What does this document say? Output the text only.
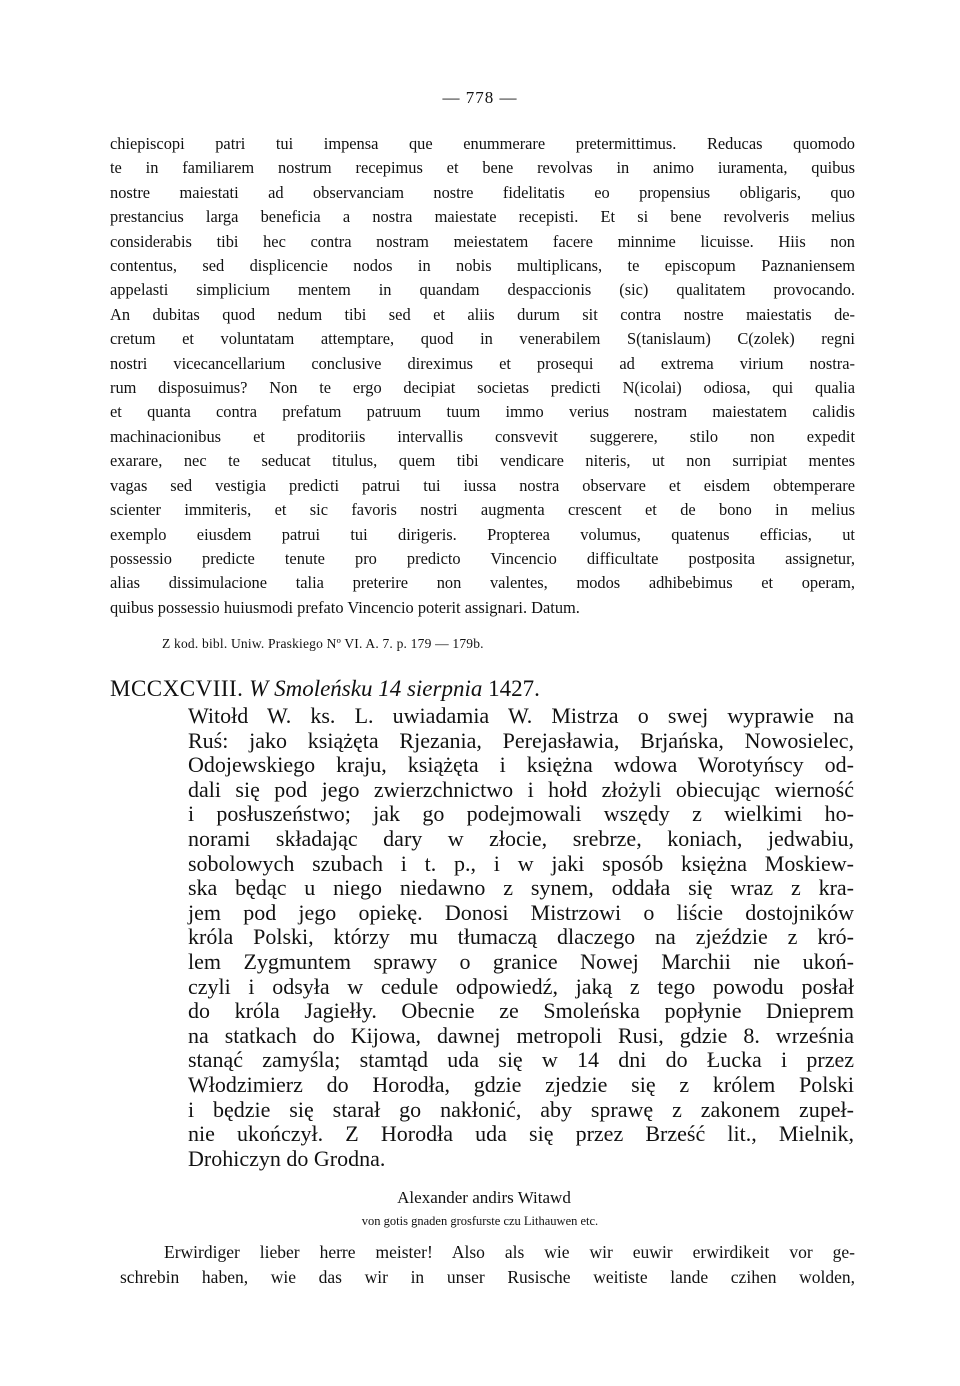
— 778 —
chiepiscopi patri tui impensa que enummerare pretermittimus. Reducas quomodo
te in familiarem nostrum recepimus et bene revolvas in animo iuramenta, quibus
nostre maiestati ad observanciam nostre fidelitatis eo propensius obligaris, quo
prestancius larga beneficia a nostra maiestate recepisti. Et si bene revolveris melius
considerabis tibi hec contra nostram meiestatem facere minnime licuisse. Hiis non
contentus, sed displicencie nodos in nobis multiplicans, te episcopum Paznaniensem
appelasti simplicium mentem in quandam despaccionis (sic) qualitatem provocando.
An dubitas quod nedum tibi sed et aliis durum sit contra nostre maiestatis de-
cretum et voluntatam attemptare, quod in venerabilem S(tanislaum) C(zolek) regni
nostri vicecancellarium conclusive direximus et prosequi ad extrema virium nostra-
rum disposuimus? Non te ergo decipiat societas predicti N(icolai) odiosa, qui qualia
et quanta contra prefatum patruum tuum immo verius nostram maiestatem calidis
machinacionibus et proditoriis intervallis consvevit suggerere, stilo non expedit
exarare, nec te seducat titulus, quem tibi vendicare niteris, ut non surripiat mentes
vagas sed vestigia predicti patrui tui iussa nostra observare et eisdem obtemperare
scienter immiteris, et sic favoris nostri augmenta crescent et de bono in melius
exemplo eiusdem patrui tui dirigeris. Propterea volumus, quatenus efficias, ut
possessio predicte tenute pro predicto Vincencio difficultate postposita assignetur,
alias dissimulacione talia preterire non valentes, modos adhibebimus et operam,
quibus possessio huiusmodi prefato Vincencio poterit assignari. Datum.
Z kod. bibl. Uniw. Praskiego Nº VI. A. 7. p. 179 — 179b.
MCCXCVIII. W Smoleńsku 14 sierpnia 1427.
Witołd W. ks. L. uwiadamia W. Mistrza o swej wyprawie na
Ruś: jako książęta Rjezania, Perejasławia, Brjańska, Nowosielec,
Odojewskiego kraju, książęta i księżna wdowa Worotyńscy od-
dali się pod jego zwierzchnictwo i hołd złożyli obiecując wierność
i posłuszeństwo; jak go podejmowali wszędy z wielkimi ho-
norami składając dary w złocie, srebrze, koniach, jedwabiu,
sobolowych szubach i t. p., i w jaki sposób księżna Moskiew-
ska będąc u niego niedawno z synem, oddała się wraz z kra-
jem pod jego opiekę. Donosi Mistrzowi o liście dostojników
króla Polski, którzy mu tłumaczą dlaczego na zjeździe z kró-
lem Zygmuntem sprawy o granice Nowej Marchii nie ukoń-
czyli i odsyła w cedule odpowiedź, jaką z tego powodu posłał
do króla Jagiełły. Obecnie ze Smoleńska popłynie Dnieprem
na statkach do Kijowa, dawnej metropoli Rusi, gdzie 8. września
stanąć zamyśla; stamtąd uda się w 14 dni do Łucka i przez
Włodzimierz do Horodła, gdzie zjedzie się z królem Polski
i będzie się starał go nakłonić, aby sprawę z zakonem zupeł-
nie ukończył. Z Horodła uda się przez Brześć lit., Mielnik,
Drohiczyn do Grodna.
Alexander andirs Witawd
von gotis gnaden grosfurste czu Lithauwen etc.
Erwirdiger lieber herre meister! Also als wie wir euwir erwirdikeit vor ge-
schrebin haben, wie das wir in unser Rusische weitiste lande czihen wolden,
